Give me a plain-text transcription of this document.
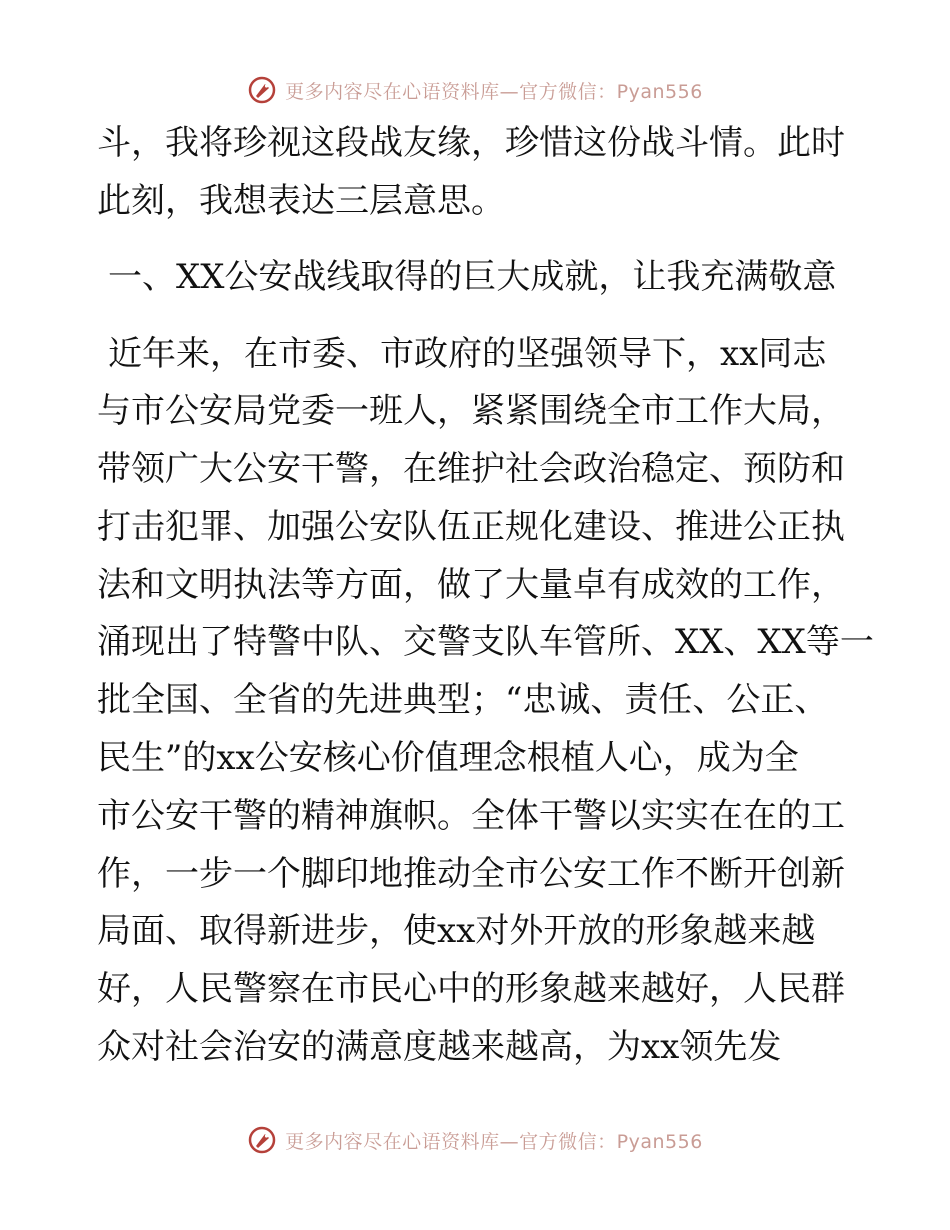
更多内容尽在心语资料库—官方微信：Pyan556
斗，我将珍视这段战友缘，珍惜这份战斗情。此时
此刻，我想表达三层意思。
一、XX公安战线取得的巨大成就，让我充满敬意
近年来，在市委、市政府的坚强领导下，xx同志
与市公安局党委一班人，紧紧围绕全市工作大局，
带领广大公安干警，在维护社会政治稳定、预防和
打击犯罪、加强公安队伍正规化建设、推进公正执
法和文明执法等方面，做了大量卓有成效的工作，
涌现出了特警中队、交警支队车管所、XX、XX等一
批全国、全省的先进典型；“忠诚、责任、公正、
民生”的xx公安核心价值理念根植人心，成为全
市公安干警的精神旗帜。全体干警以实实在在的工
作，一步一个脚印地推动全市公安工作不断开创新
局面、取得新进步，使xx对外开放的形象越来越
好，人民警察在市民心中的形象越来越好，人民群
众对社会治安的满意度越来越高，为xx领先发
更多内容尽在心语资料库—官方微信：Pyan556
